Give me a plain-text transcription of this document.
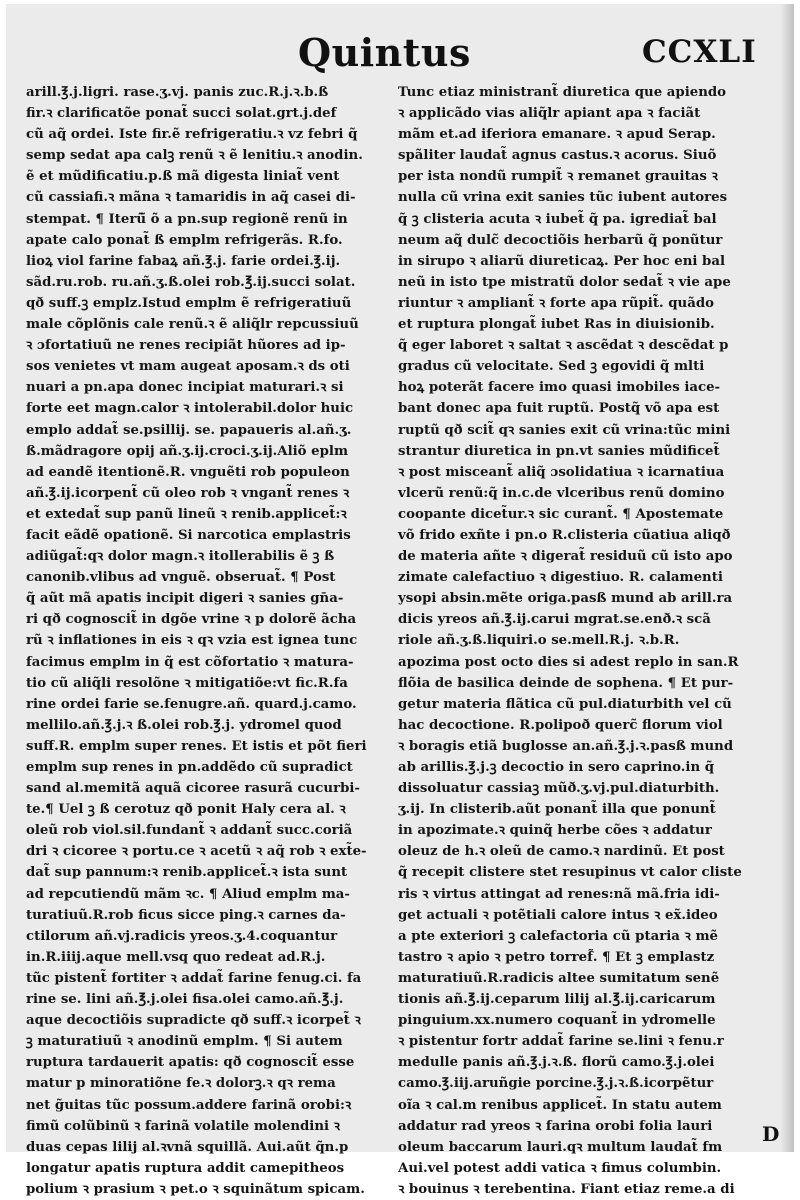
Quintus	CCXLI
arill.℥.j.ligri. rase.ʒ.vj. panis zuc.R.j.ꝛ.b.ß
fir.ꝛ clarificatõe ponat̃ succi solat.grt.j.def
cũ aq̃ ordei. Iste fir.ẽ refrigeratiu.ꝛ vz febri q̃
semp sedat apa calꝫ renũ ꝛ ẽ lenitiu.ꝛ anodin.
ẽ et mũdificatiu.p.ß mã digesta liniat̃ vent
cũ cassiafi.ꝛ mãna ꝛ tamaridis in aq̃ casei di-
stempat. ¶ Iterũ̃ õ a pn.sup regionẽ renũ in
apate calo ponat̃ ß emplm refrigerãs. R.fo.
lioꝝ viol farine fabaꝝ añ.℥.j. farie ordei.℥.ij.
sãd.ru.rob. ru.añ.ʒ.ß.olei rob.℥.ij.succi solat.
qð suff.ꝫ emplz.Istud emplm ẽ refrigeratiuũ
male cõplõnis cale renũ.ꝛ ẽ aliq̃lr repcussiuũ
ꝛ ɔfortatiuũ ne renes recipiãt hũores ad ip-
sos venietes vt mam augeat aposam.ꝛ ds oti
nuari a pn.apa donec incipiat maturari.ꝛ si
forte eet magn.calor ꝛ intolerabil.dolor huic
emplo addat̃ se.psillij. se. papaueris al.añ.ʒ.
ß.mãdragore opij añ.ʒ.ij.croci.ʒ.ij.Aliõ eplm
ad eandẽ itentionẽ.R. vnguẽti rob populeon
añ.℥.ij.icorpent̃ cũ oleo rob ꝛ vngant̃ renes ꝛ
et extedat̃ sup panũ lineũ ꝛ renib.applicet̃:ꝛ
facit eãdẽ opationẽ. Si narcotica emplastris
adiũgat̃:qꝛ dolor magn.ꝛ itollerabilis ẽ ꝫ ß
canonib.vlibus ad vnguẽ. obseruat̃. ¶ Post
q̃ aũt mã apatis incipit digeri ꝛ sanies gn̄a-
ri qð cognoscit̃ in dgõe vrine ꝛ p dolorẽ ãcha
rũ ꝛ inflationes in eis ꝛ qꝛ vzia est ignea tunc
facimus emplm in q̃ est cõfortatio ꝛ matura-
tio cũ aliq̃li resolõne ꝛ mitigatiõe:vt fic.R.fa
rine ordei farie se.fenugre.añ. quard.j.camo.
mellilo.añ.℥.j.ꝛ ß.olei rob.℥.j. ydromel quod
suff.R. emplm super renes. Et istis et põt fieri
emplm sup renes in pn.addẽdo cũ supradict
sand al.memitã aquã cicoree rasurã cucurbi-
te.¶ Uel ꝫ ß cerotuz qð ponit Haly cera al. ꝛ
oleũ rob viol.sil.fundant̃ ꝛ addant̃ succ.coriã
dri ꝛ cicoree ꝛ portu.ce ꝛ acetũ ꝛ aq̃ rob ꝛ ext̃e-
dat̃ sup pannum:ꝛ renib.applicet̃.ꝛ ista sunt
ad repcutiendũ mãm ꝛc. ¶ Aliud emplm ma-
turatiuũ.R.rob ficus sicce ping.ꝛ carnes da-
ctilorum añ.vj.radicis yreos.ʒ.4.coquantur
in.R.iiij.aque mell.vsq quo redeat ad.R.j.
tũc pistent̃ fortiter ꝛ addat̃ farine fenug.ci. fa
rine se. lini añ.℥.j.olei fisa.olei camo.añ.℥.j.
aque decoctiõis supradicte qð suff.ꝛ icorpet̃ ꝛ
ꝫ maturatiuũ ꝛ anodinũ emplm. ¶ Si autem
ruptura tardauerit apatis: qð cognoscit̃ esse
matur p minoratiõne fe.ꝛ dolorꝫ.ꝛ qꝛ rema
net g̃uitas tũc possum.addere farinã orobi:ꝛ
fimũ colũbinũ ꝛ farinã volatile molendini ꝛ
duas cepas lilij al.ꝛvnã squillã. Aui.aũt q̃n.p
longatur apatis ruptura addit camepitheos
polium ꝛ prasium ꝛ pet.o ꝛ squinãtum spicam.
Tunc etiaz ministrant̃ diuretica que apiendo
ꝛ applicãdo vias aliq̃lr apiant apa ꝛ faciãt
mãm et.ad iferiora emanare. ꝛ apud Serap.
spãliter laudat̃ agnus castus.ꝛ acorus. Siuõ
per ista nondũ rumpit̃ ꝛ remanet grauitas ꝛ
nulla cũ vrina exit sanies tũc iubent autores
q̃ ꝫ clisteria acuta ꝛ iubet̃ q̃ pa. igrediat̃ bal
neum aq̃ dulc̃ decoctiõis herbarũ q̃ ponũtur
in sirupo ꝛ aliarũ diureticaꝝ. Per hoc eni bal
neũ in isto tpe mistratũ dolor sedat̃ ꝛ vie ape
riuntur ꝛ ampliant̃ ꝛ forte apa rũpit̃. quãdo
et ruptura plongat̃ iubet Ras in diuisionib.
q̃ eger laboret ꝛ saltat ꝛ ascẽdat ꝛ descẽdat p
gradus cũ velocitate. Sed ꝫ egovidi q̃ mlti
hoꝝ poterãt facere imo quasi imobiles iace-
bant donec apa fuit ruptũ. Postq̃ võ apa est
ruptũ qð scit̃ qꝛ sanies exit cũ vrina:tũc mini
strantur diuretica in pn.vt sanies mũdificet̃
ꝛ post misceant̃ aliq̃ ɔsolidatiua ꝛ icarnatiua
vlcerũ renũ:q̃ in.c.de vlceribus renũ domino
coopante dicet̃ur.ꝛ sic curant̃. ¶ Apostemate
võ frido exñte i pn.o R.clisteria cũatiua aliqð
de materia añte ꝛ digerat̃ residuũ cũ isto apo
zimate calefactiuo ꝛ digestiuo. R. calamenti
ysopi absin.mẽte origa.pasß mund ab arill.ra
dicis yreos añ.℥.ij.carui mgrat.se.enð.ꝛ scã
riole añ.ʒ.ß.liquiri.o se.mell.R.j. ꝛ.b.R.
apozima post octo dies si adest replo in san.R
flõia de basilica deinde de sophena. ¶ Et pur-
getur materia flãtica cũ pul.diaturbith vel cũ
hac decoctione. R.polipoð querc̃ florum viol
ꝛ boragis etiã buglosse an.añ.℥.j.ꝛ.pasß mund
ab arillis.℥.j.ꝫ decoctio in sero caprino.in q̃
dissoluatur cassiaꝫ mũð.ʒ.vj.pul.diaturbith.
ʒ.ij. In clisterib.aũt ponant̃ illa que ponunt̃
in apozimate.ꝛ quinq̃ herbe cões ꝛ addatur
oleuz de h.ꝛ oleũ de camo.ꝛ nardinũ. Et post
q̃ recepit clistere stet resupinus vt calor cliste
ris ꝛ virtus attingat ad renes:nã mã.fria idi-
get actuali ꝛ potẽtiali calore intus ꝛ ex̃.ideo
a pte exteriori ꝫ calefactoria cũ ptaria ꝛ mẽ
tastro ꝛ apio ꝛ petro torref̃. ¶ Et ꝫ emplastz
maturatiuũ.R.radicis altee sumitatum senẽ
tionis añ.℥.ij.ceparum lilij al.℥.ij.caricarum
pinguium.xx.numero coquant̃ in ydromelle
ꝛ pistentur fortr addat̃ farine se.lini ꝛ fenu.r
medulle panis añ.℥.j.ꝛ.ß. florũ camo.℥.j.olei
camo.℥.iij.aruñgie porcine.℥.j.ꝛ.ß.icorpẽtur
oĩa ꝛ cal.m renibus applicet̃. In statu autem
addatur rad yreos ꝛ farina orobi folia lauri
oleum baccarum lauri.qꝛ multum laudat̃ fm
Aui.vel potest addi vatica ꝛ fimus columbin.
ꝛ bouinus ꝛ terebentina. Fiant etiaz reme.a di
D
